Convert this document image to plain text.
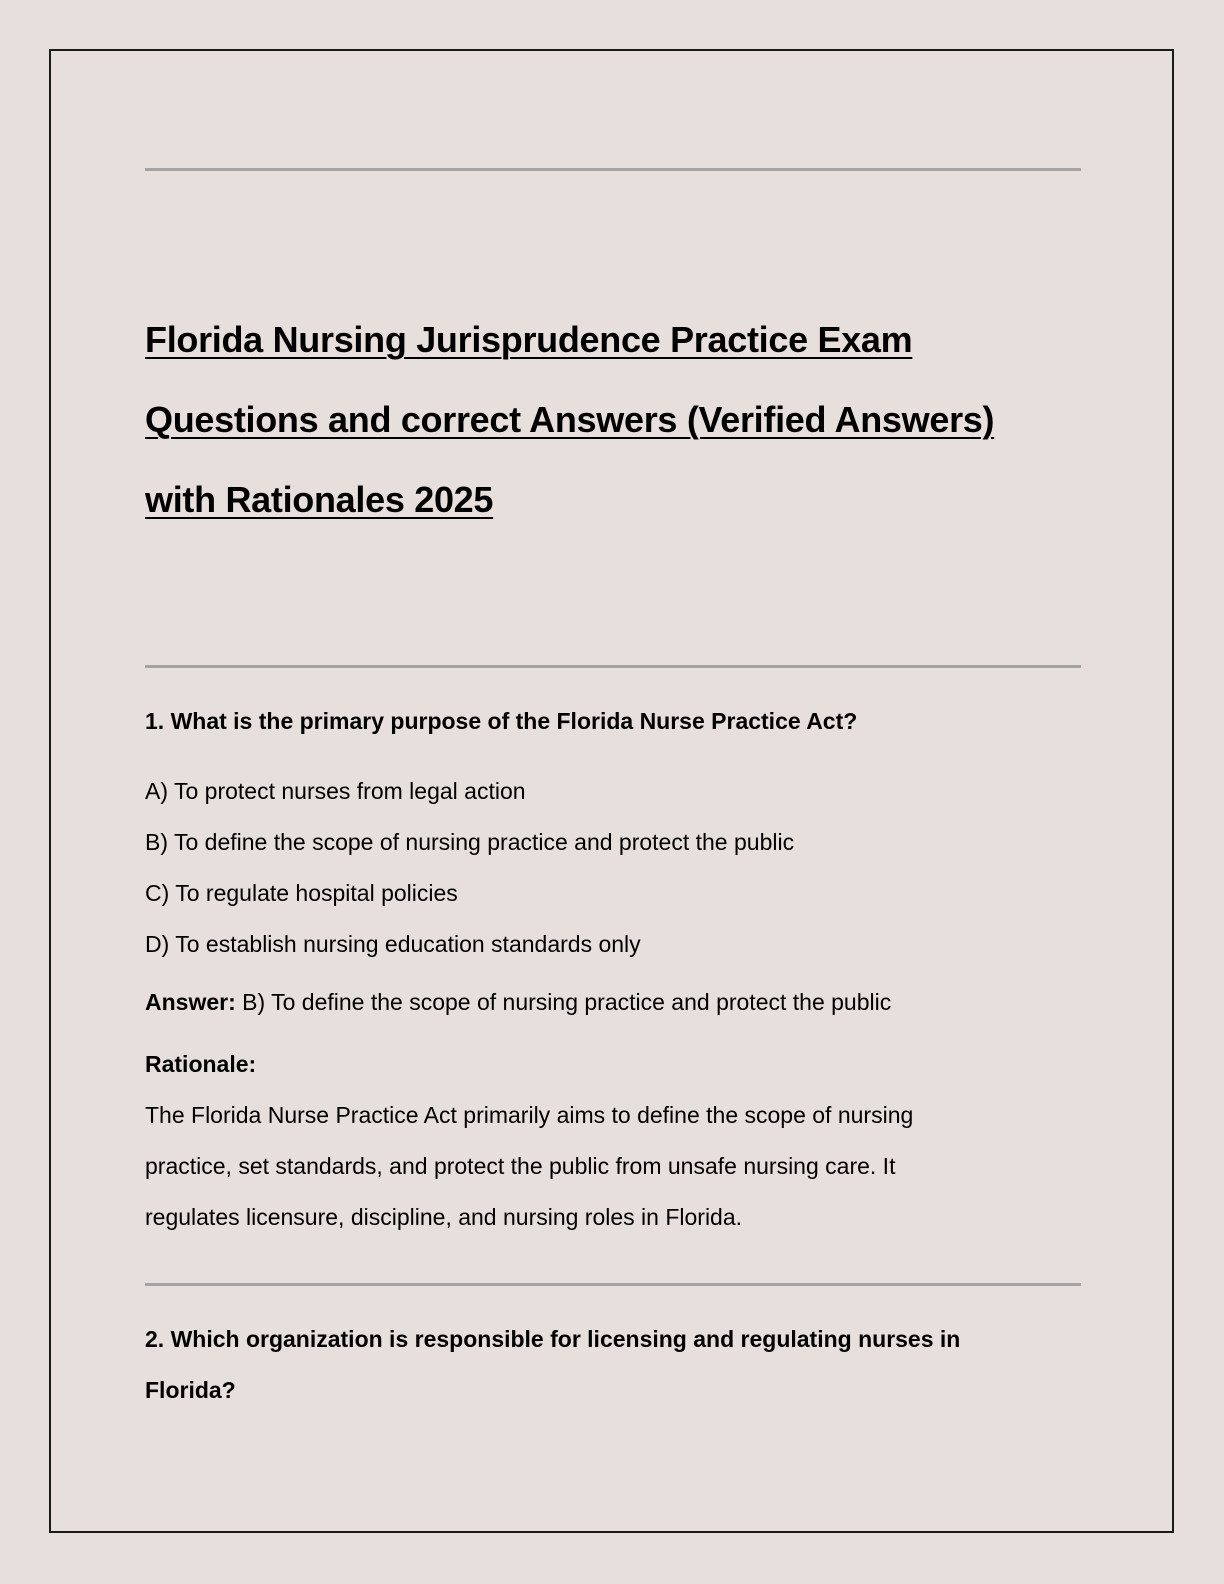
Florida Nursing Jurisprudence Practice Exam
Questions and correct Answers (Verified Answers)
with Rationales 2025

1. What is the primary purpose of the Florida Nurse Practice Act?

A) To protect nurses from legal action
B) To define the scope of nursing practice and protect the public
C) To regulate hospital policies
D) To establish nursing education standards only
Answer: B) To define the scope of nursing practice and protect the public
Rationale:

The Florida Nurse Practice Act primarily aims to define the scope of nursing
practice, set standards, and protect the public from unsafe nursing care. It
regulates licensure, discipline, and nursing roles in Florida.

2. Which organization is responsible for licensing and regulating nurses in
Florida?
